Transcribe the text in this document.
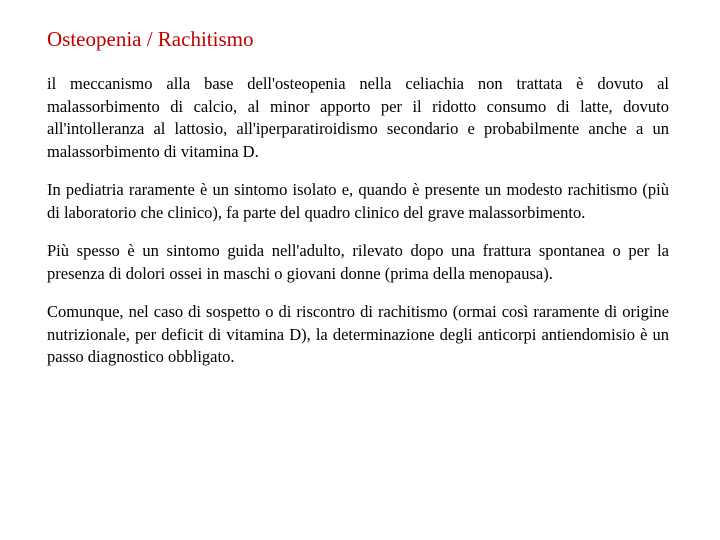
Osteopenia / Rachitismo

il meccanismo alla base dell'osteopenia nella celiachia non trattata è dovuto al malassorbimento di calcio, al minor apporto per il ridotto consumo di latte, dovuto all'intolleranza al lattosio, all'iperparatiroidismo secondario e probabilmente anche a un malassorbimento di vitamina D.

In pediatria raramente è un sintomo isolato e, quando è presente un modesto rachitismo (più di laboratorio che clinico), fa parte del quadro clinico del grave malassorbimento.

Più spesso è un sintomo guida nell'adulto, rilevato dopo una frattura spontanea o per la presenza di dolori ossei in maschi o giovani donne (prima della menopausa).

Comunque, nel caso di sospetto o di riscontro di rachitismo (ormai così raramente di origine nutrizionale, per deficit di vitamina D), la determinazione degli anticorpi antiendomisio è un passo diagnostico obbligato.
